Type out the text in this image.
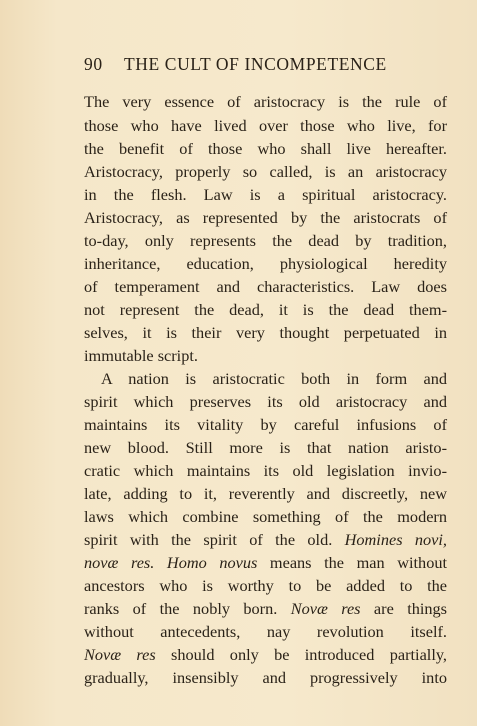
90 THE CULT OF INCOMPETENCE
The very essence of aristocracy is the rule of
those who have lived over those who live, for
the benefit of those who shall live hereafter.
Aristocracy, properly so called, is an aristocracy
in the flesh. Law is a spiritual aristocracy.
Aristocracy, as represented by the aristocrats of
to-day, only represents the dead by tradition,
inheritance, education, physiological heredity
of temperament and characteristics. Law does
not represent the dead, it is the dead them-
selves, it is their very thought perpetuated in
immutable script.
A nation is aristocratic both in form and
spirit which preserves its old aristocracy and
maintains its vitality by careful infusions of
new blood. Still more is that nation aristo-
cratic which maintains its old legislation invio-
late, adding to it, reverently and discreetly, new
laws which combine something of the modern
spirit with the spirit of the old. Homines novi,
novæ res. Homo novus means the man without
ancestors who is worthy to be added to the
ranks of the nobly born. Novæ res are things
without antecedents, nay revolution itself.
Novæ res should only be introduced partially,
gradually, insensibly and progressively into
